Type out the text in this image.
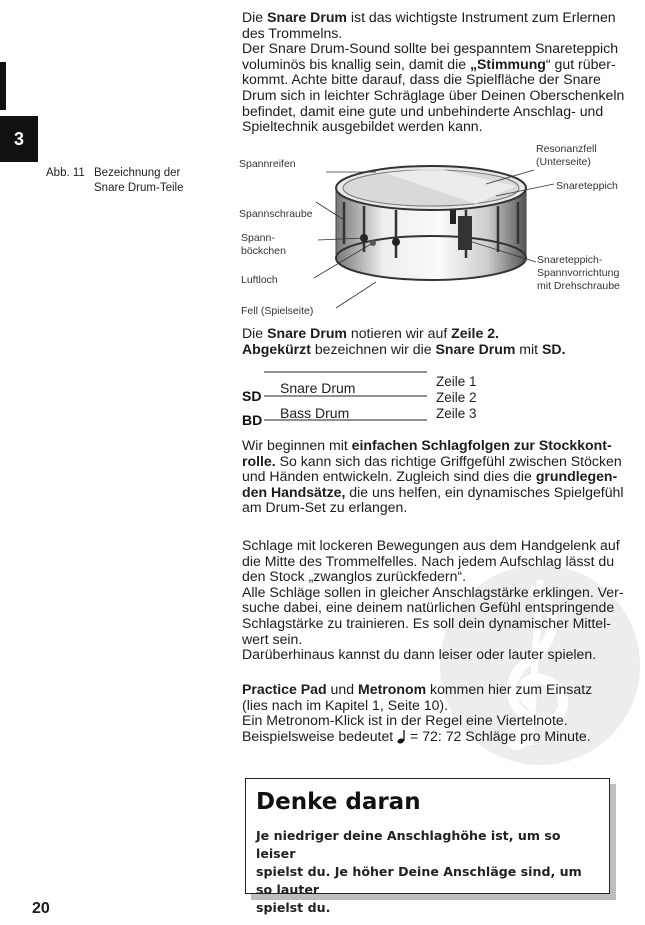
3
Abb. 11 Bezeichnung der
Snare Drum-Teile

Die Snare Drum ist das wichtigste Instrument zum Erlernen

des Trommelns.

Der Snare Drum-Sound sollte bei gespanntem Snareteppich

voluminös bis knallig sein, damit die „Stimmung“ gut rüber-

kommt. Achte bitte darauf, dass die Spielfläche der Snare

Drum sich in leichter Schräglage über Deinen Oberschenkeln

befindet, damit eine gute und unbehinderte Anschlag- und

Spieltechnik ausgebildet werden kann.

Spannreifen
Resonanzfell
(Unterseite)
Snareteppich
Spannschraube
Spann-
böckchen
Luftloch
Snareteppich-
Spannvorrichtung
mit Drehschraube
Fell (Spielseite)

Die Snare Drum notieren wir auf Zeile 2.

Abgekürzt bezeichnen wir die Snare Drum mit SD.

SD
BD
Snare Drum
Bass Drum
Zeile 1
Zeile 2
Zeile 3

Wir beginnen mit einfachen Schlagfolgen zur Stockkont-

rolle. So kann sich das richtige Griffgefühl zwischen Stöcken

und Händen entwickeln. Zugleich sind dies die grundlegen-

den Handsätze, die uns helfen, ein dynamisches Spielgefühl

am Drum-Set zu erlangen.

Schlage mit lockeren Bewegungen aus dem Handgelenk auf

die Mitte des Trommelfelles. Nach jedem Aufschlag lässt du

den Stock „zwanglos zurückfedern“.

Alle Schläge sollen in gleicher Anschlagstärke erklingen. Ver-

suche dabei, eine deinem natürlichen Gefühl entspringende

Schlagstärke zu trainieren. Es soll dein dynamischer Mittel-

wert sein.

Darüberhinaus kannst du dann leiser oder lauter spielen.

Practice Pad und Metronom kommen hier zum Einsatz

(lies nach im Kapitel 1, Seite 10).

Ein Metronom-Klick ist in der Regel eine Viertelnote.

Beispielsweise bedeutet  = 72: 72 Schläge pro Minute.

Denke daran
Je niedriger deine Anschlaghöhe ist, um so leiser
spielst du. Je höher Deine Anschläge sind, um so lauter
spielst du.
20
